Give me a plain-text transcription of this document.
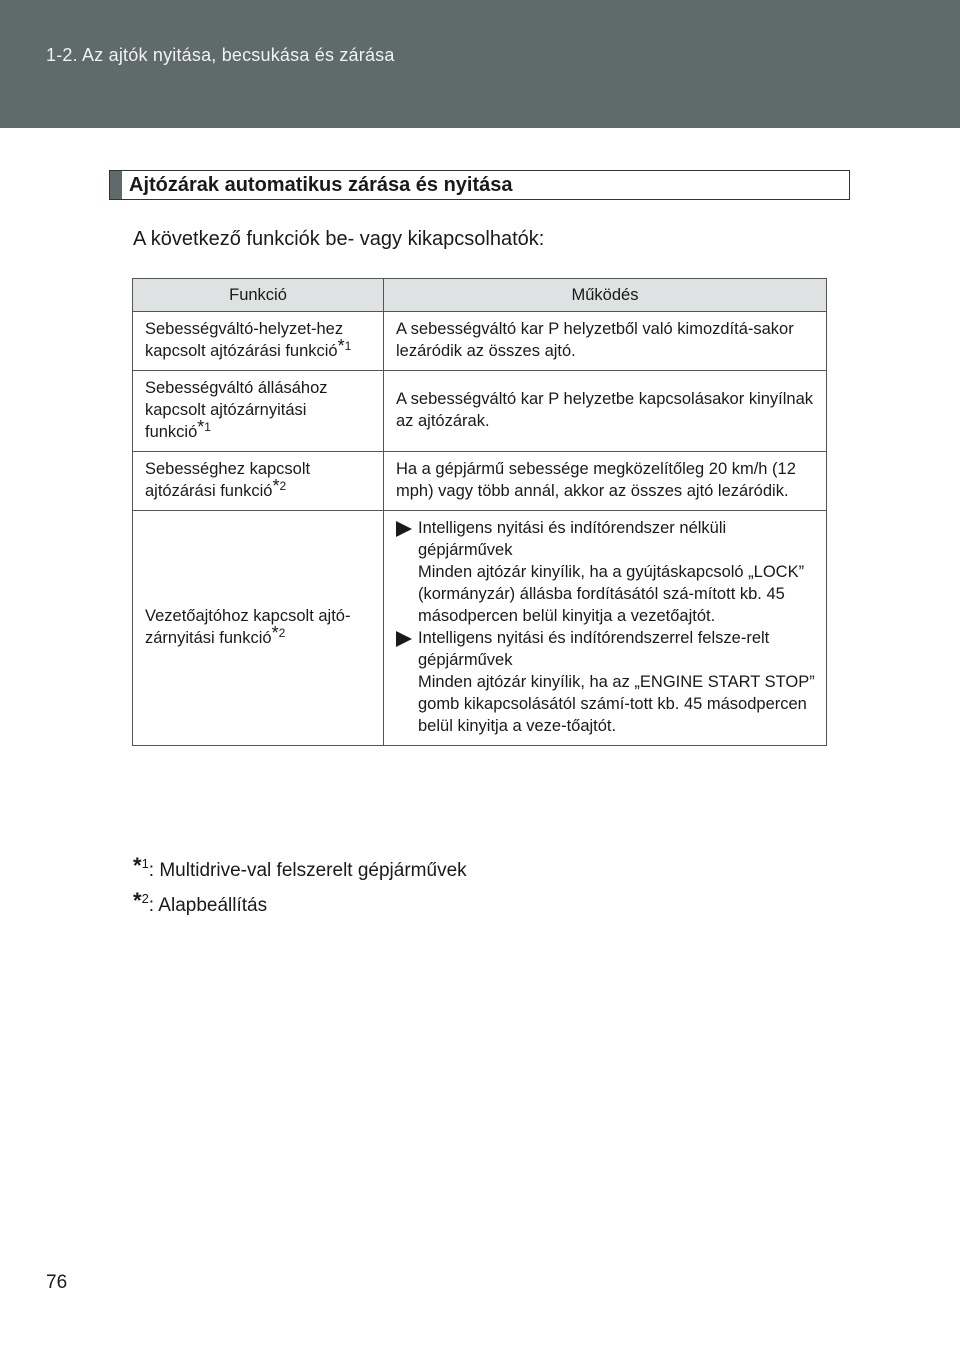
1-2. Az ajtók nyitása, becsukása és zárása
Ajtózárak automatikus zárása és nyitása
A következő funkciók be- vagy kikapcsolhatók:
Funkció	Működés
Sebességváltó-helyzet-hez kapcsolt ajtózárási funkció$^{*1}$	A sebességváltó kar P helyzetből való kimozdítá-sakor lezáródik az összes ajtó.
Sebességváltó állásához kapcsolt ajtózárnyitási funkció$^{*1}$	A sebességváltó kar P helyzetbe kapcsolásakor kinyílnak az ajtózárak.
Sebességhez kapcsolt ajtózárási funkció$^{*2}$	Ha a gépjármű sebessége megközelítőleg 20 km/h (12 mph) vagy több annál, akkor az összes ajtó lezáródik.
Vezetőajtóhoz kapcsolt ajtó-zárnyitási funkció$^{*2}$	Intelligens nyitási és indítórendszer nélküli gépjárművek
Minden ajtózár kinyílik, ha a gyújtáskapcsoló „LOCK” (kormányzár) állásba fordításától szá-mított kb. 45 másodpercen belül kinyitja a vezetőajtót.
Intelligens nyitási és indítórendszerrel felsze-relt gépjárművek
Minden ajtózár kinyílik, ha az „ENGINE START STOP” gomb kikapcsolásától számí-tott kb. 45 másodpercen belül kinyitja a veze-tőajtót.
*$^1$: Multidrive-val felszerelt gépjárművek
*$^2$: Alapbeállítás
76
